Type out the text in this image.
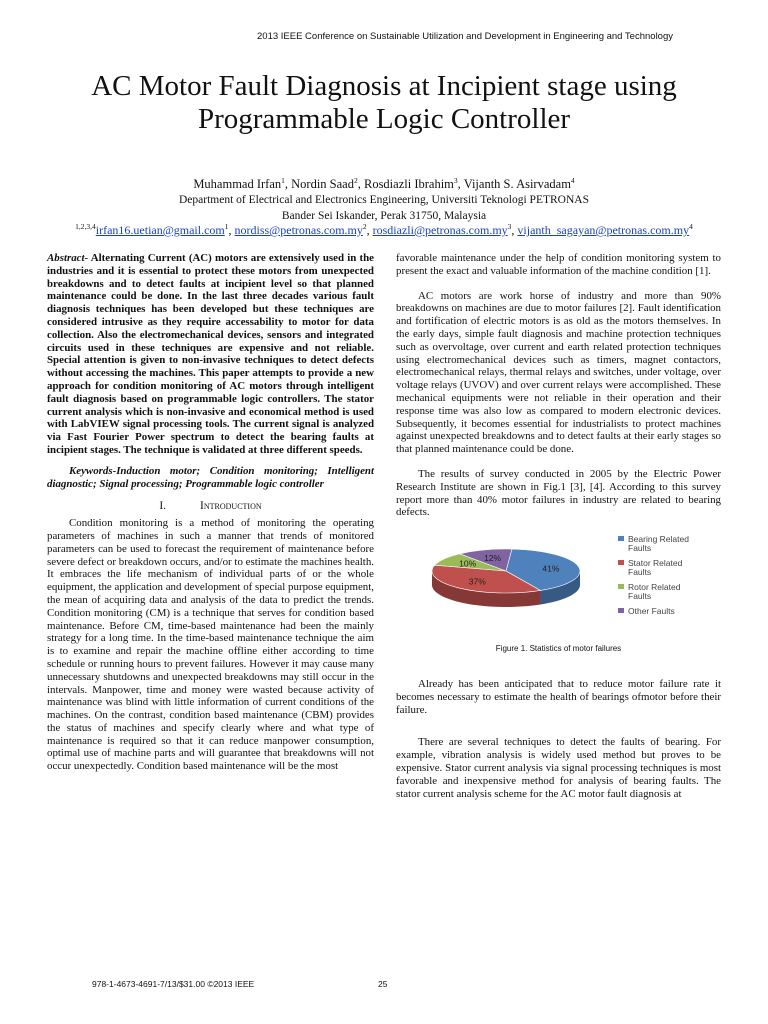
2013 IEEE Conference on Sustainable Utilization and Development in Engineering and Technology
AC Motor Fault Diagnosis at Incipient stage using
Programmable Logic Controller

Muhammad Irfan$^1$, Nordin Saad$^2$, Rosdiazli Ibrahim$^3$, Vijanth S. Asirvadam$^4$

Department of Electrical and Electronics Engineering, Universiti Teknologi PETRONAS

Bander Sei Iskander, Perak 31750, Malaysia

$^{1,2,3,4}$irfan16.uetian@gmail.com$^1$, $nordiss@petronas.com.my^2$, $rosdiazli@petronas.com.my^3$, $vijanth\_sagayan@petronas.com.my^4$

Abstract- Alternating Current (AC) motors are extensively used in the industries and it is essential to protect these motors from unexpected breakdowns and to detect faults at incipient level so that planned maintenance could be done. In the last three decades various fault diagnosis techniques has been developed but these techniques are considered intrusive as they require accessability to motor for data collection. Also the electromechanical devices, sensors and integrated circuits used in these techniques are expensive and not reliable. Special attention is given to non-invasive techniques to detect defects without accessing the machines. This paper attempts to provide a new approach for condition monitoring of AC motors through intelligent fault diagnosis based on programmable logic controllers. The stator current analysis which is non-invasive and economical method is used with LabVIEW signal processing tools. The current signal is analyzed via Fast Fourier Power spectrum to detect the bearing faults at incipient stages. The technique is validated at three different speeds.

Keywords-Induction motor; Condition monitoring; Intelligent diagnostic; Signal processing; Programmable logic controller

I.	Introduction

Condition monitoring is a method of monitoring the operating parameters of machines in such a manner that trends of monitored parameters can be used to forecast the requirement of maintenance before severe defect or breakdown occurs, and/or to estimate the machines health. It embraces the life mechanism of individual parts of or the whole equipment, the application and development of special purpose equipment, the mean of acquiring data and analysis of the data to predict the trends. Condition monitoring (CM) is a technique that serves for condition based maintenance. Before CM, time-based maintenance had been the mainly strategy for a long time. In the time-based maintenance technique the aim is to examine and repair the machine offline either according to time schedule or running hours to prevent failures. However it may cause many unnecessary shutdowns and unexpected breakdowns may still occur in the intervals. Manpower, time and money were wasted because activity of maintenance was blind with little information of current conditions of the machines. On the contrast, condition based maintenance (CBM) provides the status of machines and specify clearly where and what type of maintenance is required so that it can reduce manpower consumption, optimal use of machine parts and will guarantee that breakdowns will not occur unexpectedly. Condition based maintenance will be the most

favorable maintenance under the help of condition monitoring system to present the exact and valuable information of the machine condition [1].

AC motors are work horse of industry and more than 90% breakdowns on machines are due to motor failures [2]. Fault identification and fortification of electric motors is as old as the motors themselves. In the early days, simple fault diagnosis and machine protection techniques such as overvoltage, over current and earth related protection techniques using electromechanical devices such as timers, magnet contactors, electromechanical relays, thermal relays and switches, under voltage, over voltage relays (UVOV) and over current relays were accomplished. These mechanical equipments were not reliable in their operation and their response time was also low as compared to modern electronic devices. Subsequently, it becomes essential for industrialists to protect machines against unexpected breakdowns and to detect faults at their early stages so that planned maintenance could be done.

The results of survey conducted in 2005 by the Electric Power Research Institute are shown in Fig.1 [3], [4]. According to this survey report more than 40% motor failures in industry are related to bearing defects.

41%
37%
10%
12%
Bearing Related Faults
Stator Related Faults
Rotor Related Faults
Other Faults

Figure 1. Statistics of motor failures

Already has been anticipated that to reduce motor failure rate it becomes necessary to estimate the health of bearings ofmotor before their failure.

There are several techniques to detect the faults of bearing. For example, vibration analysis is widely used method but proves to be expensive. Stator current analysis via signal processing techniques is most favorable and inexpensive method for analysis of bearing faults. The stator current analysis scheme for the AC motor fault diagnosis at

978-1-4673-4691-7/13/$31.00 ©2013 IEEE	25
